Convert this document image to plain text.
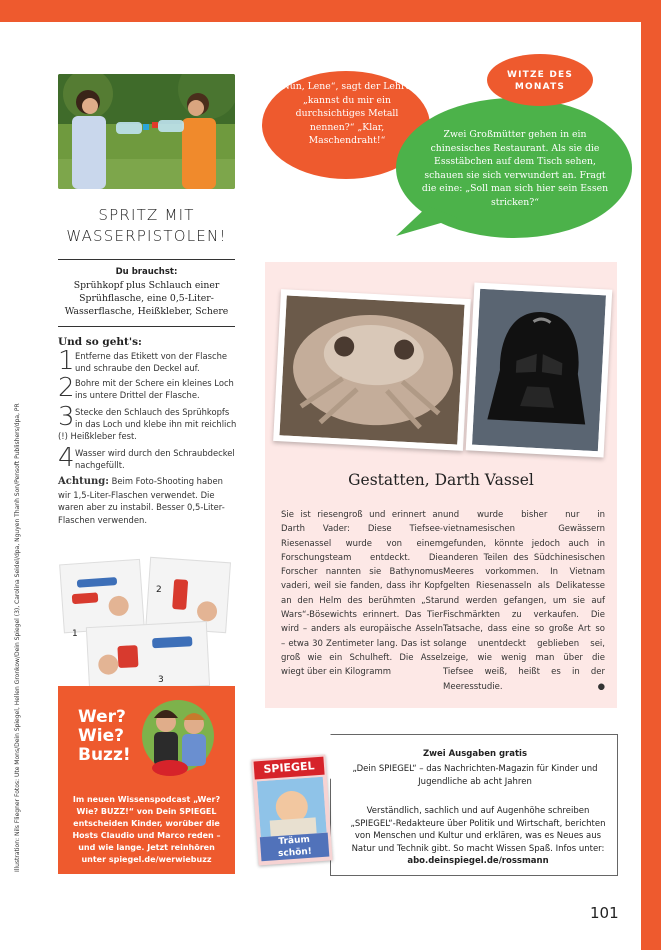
SPRITZ MIT WASSERPISTOLEN!
Du brauchst:
Sprühkopf plus Schlauch einer Sprühflasche, eine 0,5-Liter-Wasserflasche, Heißkleber, Schere
Und so geht's:
1 Entferne das Etikett von der Flasche und schraube den Deckel auf.
2 Bohre mit der Schere ein kleines Loch ins untere Drittel der Flasche.
3 Stecke den Schlauch des Sprühkopfs in das Loch und klebe ihn mit reichlich (!) Heißkleber fest.
4 Wasser wird durch den Schraubdeckel nachgefüllt.
Achtung: Beim Foto-Shooting haben wir 1,5-Liter-Flaschen verwendet. Die waren aber zu instabil. Besser 0,5-Liter-Flaschen verwenden.
1
2
3
Wer?
Wie?
Buzz!
Im neuen Wissenspodcast „Wer? Wie? BUZZ!“ von Dein SPIEGEL entscheiden Kinder, worüber die Hosts Claudio und Marco reden – und wie lange. Jetzt reinhören unter spiegel.de/werwiebuzz
Illustration: Nils Fliegner Fotos: Ute Mons/Dein Spiegel, Hellen Gronkow/Dein Spiegel (3), Carolina Seidel/dpa, Nguyen Thanh Son/Pensoft Publishers/dpa, PR
„Nun, Lene“, sagt der Lehrer, „kannst du mir ein durchsichtiges Metall nennen?“ „Klar, Maschendraht!“
Zwei Großmütter gehen in ein chinesisches Restaurant. Als sie die Essstäbchen auf dem Tisch sehen, schauen sie sich verwundert an. Fragt die eine: „Soll man sich hier sein Essen stricken?“
WITZE DES MONATS
Gestatten, Darth Vassel
Sie ist riesengroß und erinnert an Darth Vader: Diese Tiefsee-Riesenassel wurde von einem Forschungsteam entdeckt. Die Forscher nannten sie Bathynomus vaderi, weil sie fanden, dass ihr Kopf an den Helm des berühmten „Star Wars“-Bösewichts erinnert. Das Tier wird – anders als europäische Asseln – etwa 30 Zentimeter lang. Das ist so groß wie ein Schulheft. Die Assel wiegt über ein Kilogramm
und wurde bisher nur in vietnamesischen Gewässern gefunden, könnte jedoch auch in anderen Teilen des Südchinesischen Meeres vorkommen. In Vietnam gelten Riesenasseln als Delikatesse und werden gefangen, um sie auf Fischmärkten zu verkaufen. Die Tatsache, dass eine so große Art so lange unentdeckt geblieben sei, zeige, wie wenig man über die Tiefsee weiß, heißt es in der Meeresstudie.	●
Zwei Ausgaben gratis
„Dein SPIEGEL“ – das Nachrichten-Magazin für Kinder und Jugendliche ab acht Jahren
Verständlich, sachlich und auf Augenhöhe schreiben „SPIEGEL“-Redakteure über Politik und Wirtschaft, berichten von Menschen und Kultur und erklären, was es Neues aus Natur und Technik gibt. So macht Wissen Spaß. Infos unter: abo.deinspiegel.de/rossmann
SPIEGEL
Träum schön!
101
